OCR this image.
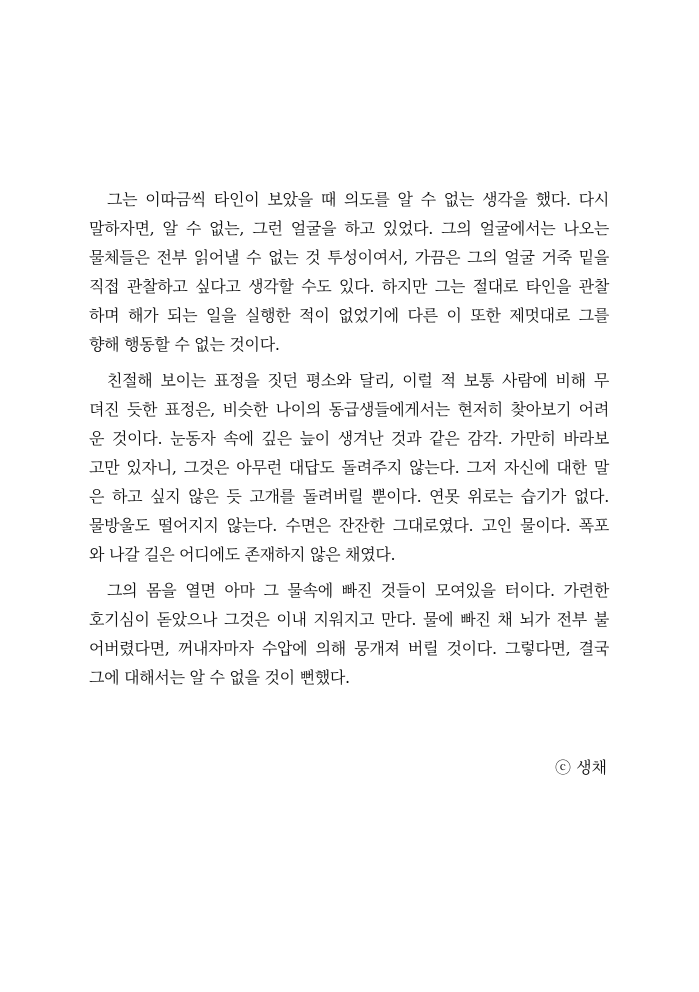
그는 이따금씩 타인이 보았을 때 의도를 알 수 없는 생각을 했다. 다시
말하자면, 알 수 없는, 그런 얼굴을 하고 있었다. 그의 얼굴에서는 나오는
물체들은 전부 읽어낼 수 없는 것 투성이여서, 가끔은 그의 얼굴 거죽 밑을
직접 관찰하고 싶다고 생각할 수도 있다. 하지만 그는 절대로 타인을 관찰
하며 해가 되는 일을 실행한 적이 없었기에 다른 이 또한 제멋대로 그를
향해 행동할 수 없는 것이다.
친절해 보이는 표정을 짓던 평소와 달리, 이럴 적 보통 사람에 비해 무
뎌진 듯한 표정은, 비슷한 나이의 동급생들에게서는 현저히 찾아보기 어려
운 것이다. 눈동자 속에 깊은 늪이 생겨난 것과 같은 감각. 가만히 바라보
고만 있자니, 그것은 아무런 대답도 돌려주지 않는다. 그저 자신에 대한 말
은 하고 싶지 않은 듯 고개를 돌려버릴 뿐이다. 연못 위로는 습기가 없다.
물방울도 떨어지지 않는다. 수면은 잔잔한 그대로였다. 고인 물이다. 폭포
와 나갈 길은 어디에도 존재하지 않은 채였다.
그의 몸을 열면 아마 그 물속에 빠진 것들이 모여있을 터이다. 가련한
호기심이 돋았으나 그것은 이내 지워지고 만다. 물에 빠진 채 뇌가 전부 불
어버렸다면, 꺼내자마자 수압에 의해 뭉개져 버릴 것이다. 그렇다면, 결국
그에 대해서는 알 수 없을 것이 뻔했다.
ⓒ 생채
